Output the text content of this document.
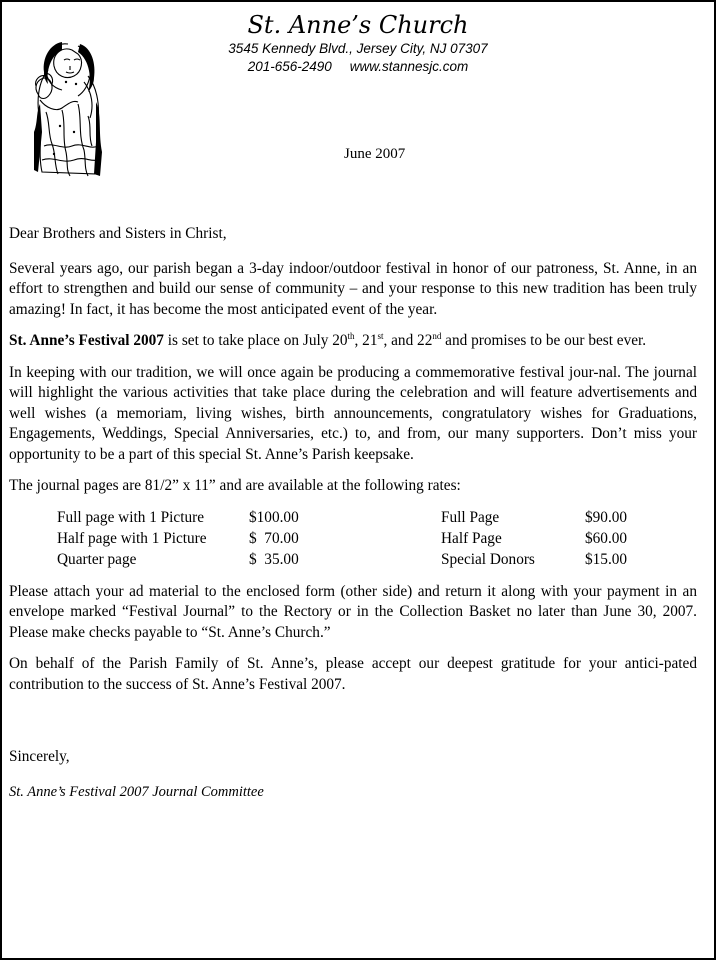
St. Anne’s Church
3545 Kennedy Blvd., Jersey City, NJ 07307
201-656-2490 www.stannesjc.com
June 2007

Dear Brothers and Sisters in Christ,

Several years ago, our parish began a 3-day indoor/outdoor festival in honor of our patroness, St. Anne, in an effort to strengthen and build our sense of community – and your response to this new tradition has been truly amazing! In fact, it has become the most anticipated event of the year.

St. Anne’s Festival 2007 is set to take place on July 20th, 21st, and 22nd and promises to be our best ever.

In keeping with our tradition, we will once again be producing a commemorative festival jour-nal. The journal will highlight the various activities that take place during the celebration and will feature advertisements and well wishes (a memoriam, living wishes, birth announcements, congratulatory wishes for Graduations, Engagements, Weddings, Special Anniversaries, etc.) to, and from, our many supporters. Don’t miss your opportunity to be a part of this special St. Anne’s Parish keepsake.

The journal pages are 81/2” x 11” and are available at the following rates:

Full page with 1 Picture	$100.00	Full Page	$90.00
Half page with 1 Picture	$  70.00	Half Page	$60.00
Quarter page	$  35.00	Special Donors	$15.00

Please attach your ad material to the enclosed form (other side) and return it along with your payment in an envelope marked “Festival Journal” to the Rectory or in the Collection Basket no later than June 30, 2007. Please make checks payable to “St. Anne’s Church.”

On behalf of the Parish Family of St. Anne’s, please accept our deepest gratitude for your antici-pated contribution to the success of St. Anne’s Festival 2007.

Sincerely,

St. Anne’s Festival 2007 Journal Committee
